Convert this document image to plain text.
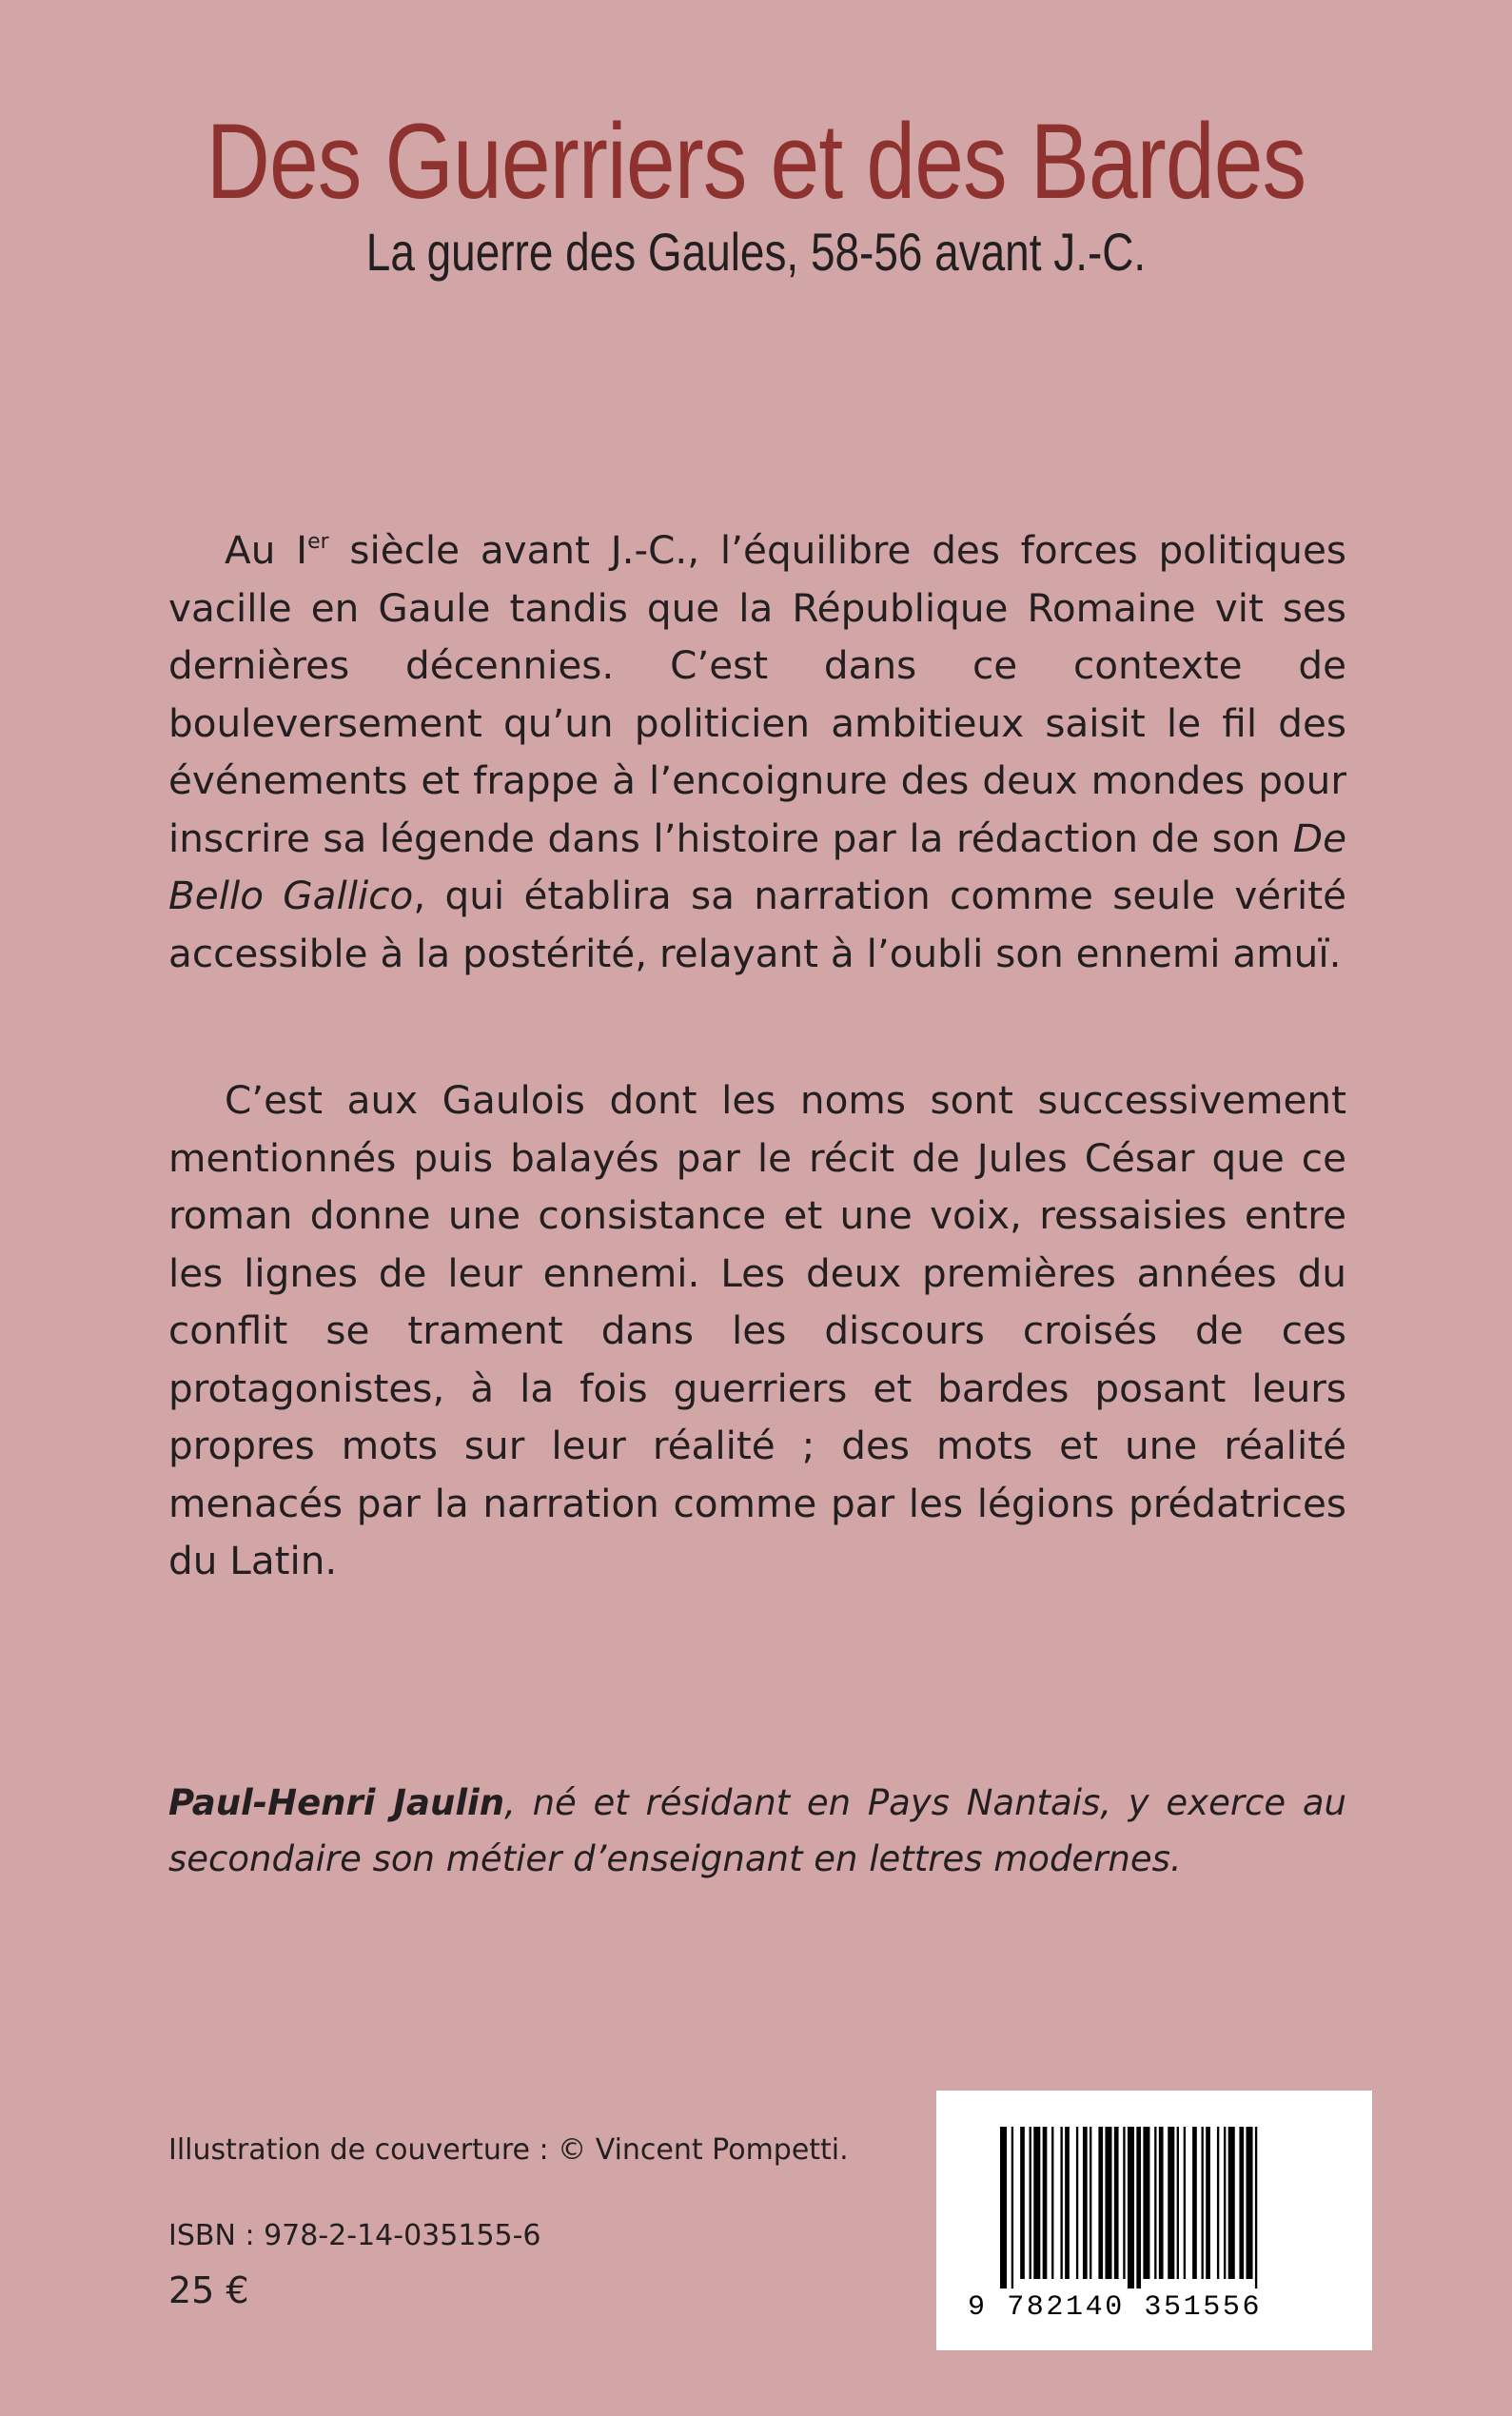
Des Guerriers et des Bardes
La guerre des Gaules, 58-56 avant J.-C.

Au Ier siècle avant J.-C., l’équilibre des forces politiques vacille en Gaule tandis que la République Romaine vit ses dernières décennies. C’est dans ce contexte de bouleversement qu’un politicien ambitieux saisit le fil des événements et frappe à l’encoignure des deux mondes pour inscrire sa légende dans l’histoire par la rédaction de son De Bello Gallico, qui établira sa narration comme seule vérité accessible à la postérité, relayant à l’oubli son ennemi amuï.

C’est aux Gaulois dont les noms sont successivement mentionnés puis balayés par le récit de Jules César que ce roman donne une consistance et une voix, ressaisies entre les lignes de leur ennemi. Les deux premières années du conflit se trament dans les discours croisés de ces protagonistes, à la fois guerriers et bardes posant leurs propres mots sur leur réalité ; des mots et une réalité menacés par la narration comme par les légions prédatrices du Latin.

Paul-Henri Jaulin, né et résidant en Pays Nantais, y exerce au secondaire son métier d’enseignant en lettres modernes.

Illustration de couverture : © Vincent Pompetti.
ISBN : 978-2-14-035155-6
25 €	9 782140 351556
